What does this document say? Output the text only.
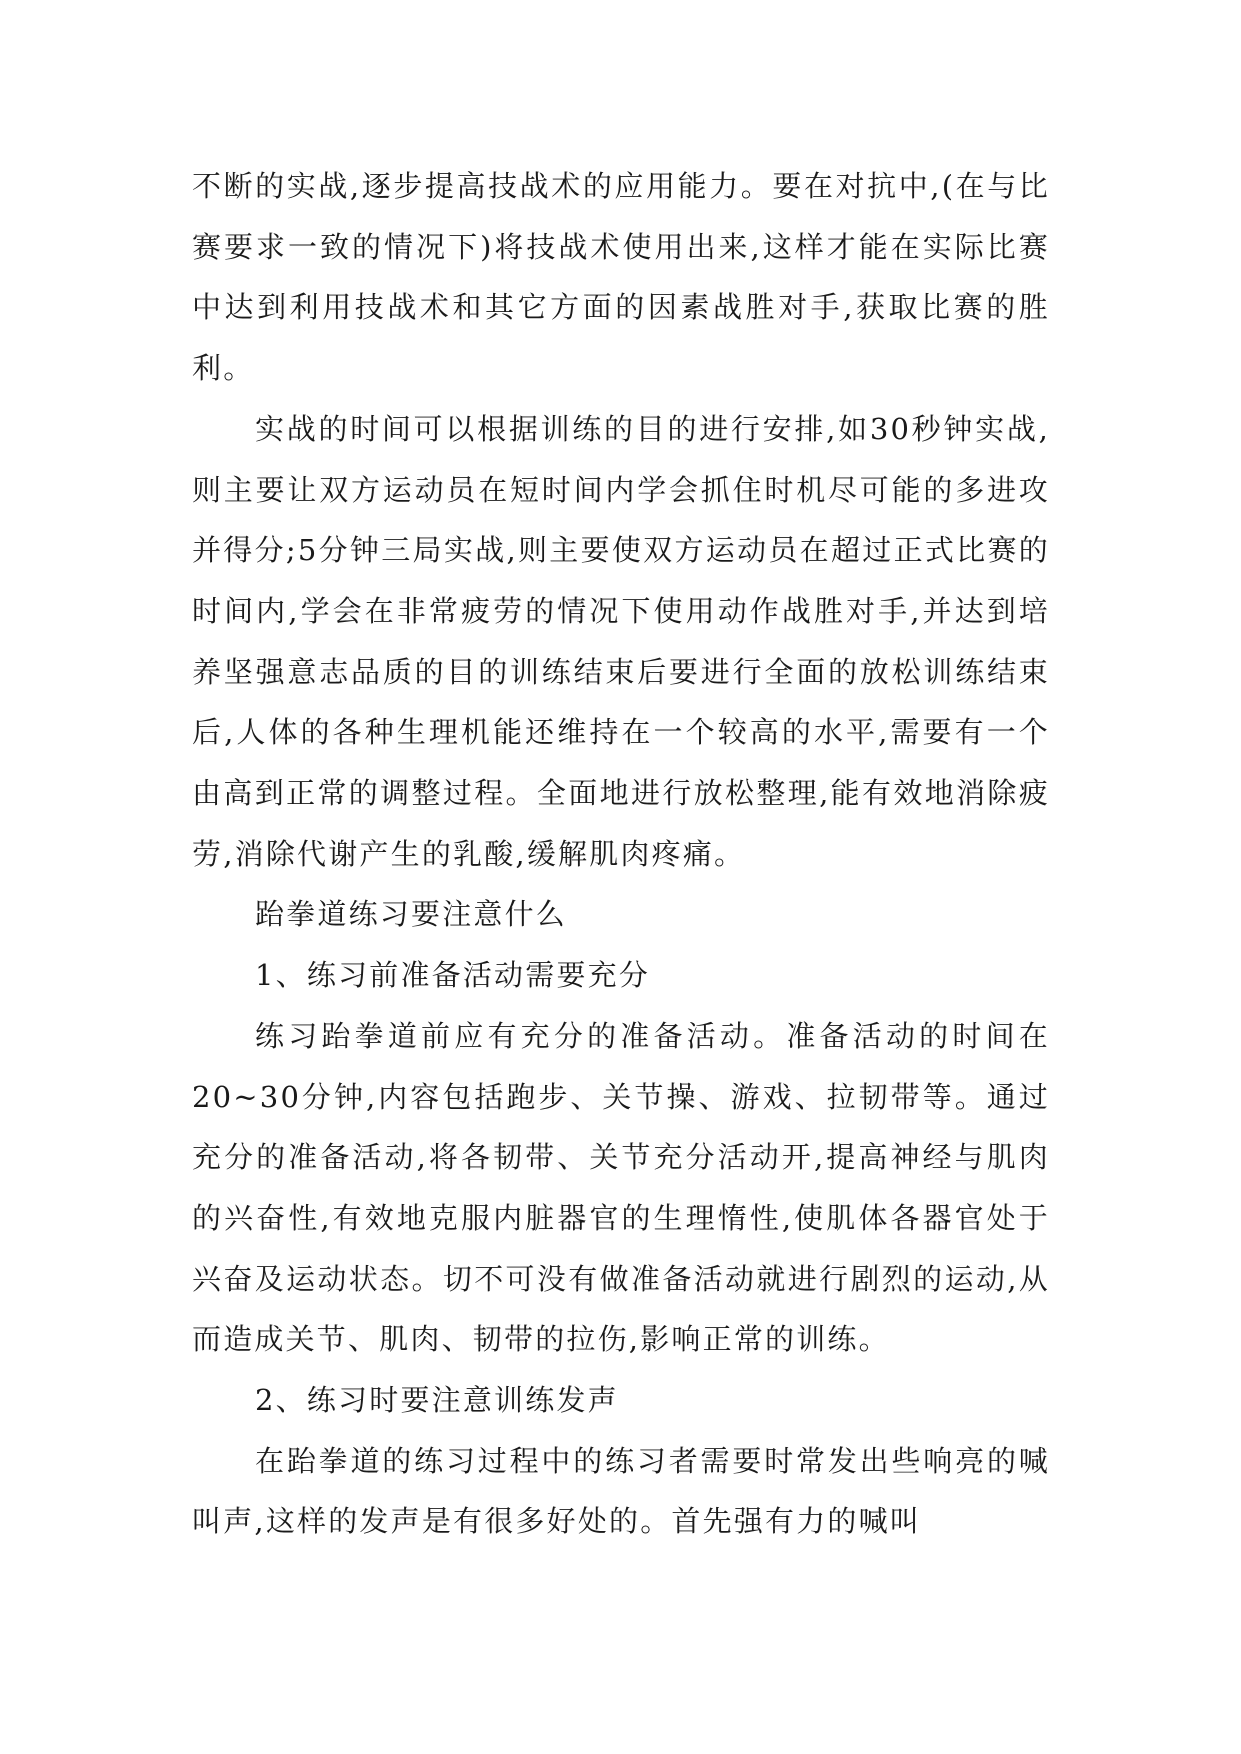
不断的实战,逐步提高技战术的应用能力。要在对抗中,(在与比赛要求一致的情况下)将技战术使用出来,这样才能在实际比赛中达到利用技战术和其它方面的因素战胜对手,获取比赛的胜利。

实战的时间可以根据训练的目的进行安排,如30秒钟实战,则主要让双方运动员在短时间内学会抓住时机尽可能的多进攻并得分;5分钟三局实战,则主要使双方运动员在超过正式比赛的时间内,学会在非常疲劳的情况下使用动作战胜对手,并达到培养坚强意志品质的目的训练结束后要进行全面的放松训练结束后,人体的各种生理机能还维持在一个较高的水平,需要有一个由高到正常的调整过程。全面地进行放松整理,能有效地消除疲劳,消除代谢产生的乳酸,缓解肌肉疼痛。

跆拳道练习要注意什么

1、练习前准备活动需要充分

练习跆拳道前应有充分的准备活动。准备活动的时间在20~30分钟,内容包括跑步、关节操、游戏、拉韧带等。通过充分的准备活动,将各韧带、关节充分活动开,提高神经与肌肉的兴奋性,有效地克服内脏器官的生理惰性,使肌体各器官处于兴奋及运动状态。切不可没有做准备活动就进行剧烈的运动,从而造成关节、肌肉、韧带的拉伤,影响正常的训练。

2、练习时要注意训练发声

在跆拳道的练习过程中的练习者需要时常发出些响亮的喊叫声,这样的发声是有很多好处的。首先强有力的喊叫
